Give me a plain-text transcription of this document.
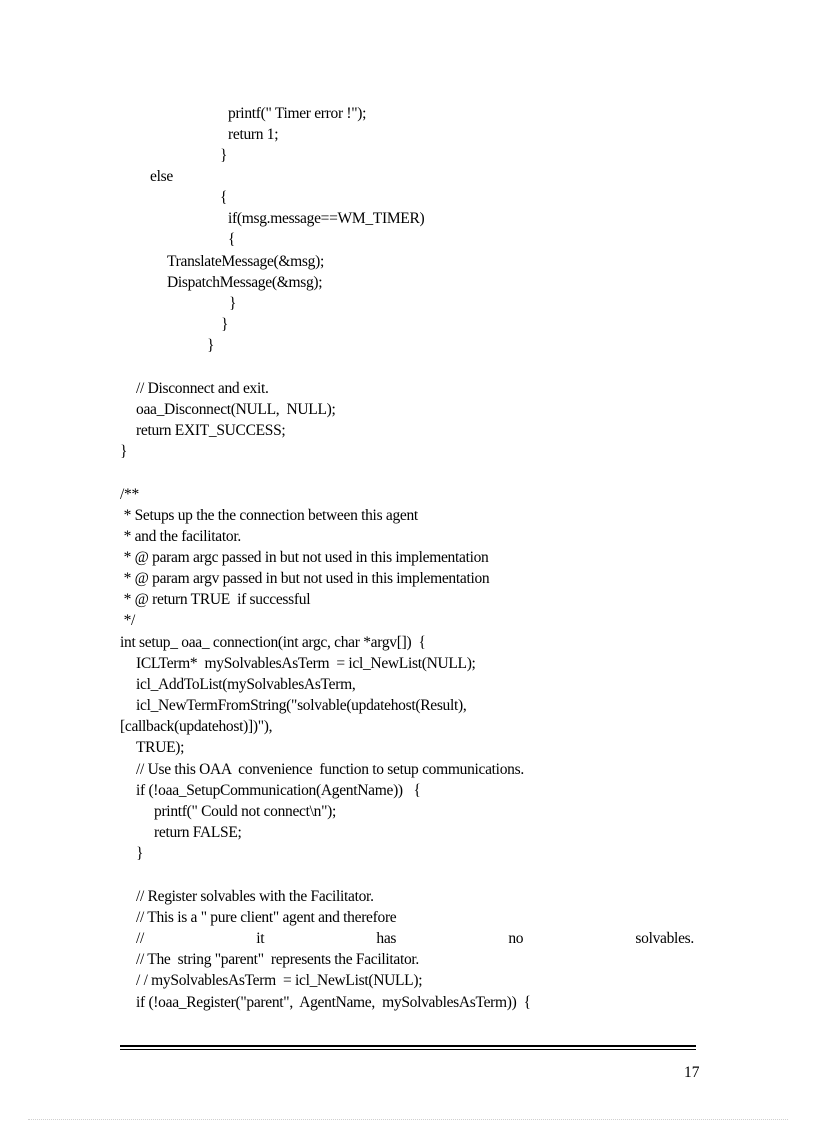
printf(" Timer error !");
return 1;
}
else
{
if(msg.message==WM_TIMER)
{
TranslateMessage(&msg);
DispatchMessage(&msg);
}
}
}
// Disconnect and exit.
oaa_Disconnect(NULL,  NULL);
return EXIT_SUCCESS;
}
/**
* Setups up the the connection between this agent
* and the facilitator.
* @ param argc passed in but not used in this implementation
* @ param argv passed in but not used in this implementation
* @ return TRUE  if successful
*/
int setup_ oaa_ connection(int argc, char *argv[])  {
ICLTerm*  mySolvablesAsTerm  = icl_NewList(NULL);
icl_AddToList(mySolvablesAsTerm,
icl_NewTermFromString("solvable(updatehost(Result),
[callback(updatehost)])"),
TRUE);
// Use this OAA  convenience  function to setup communications.
if (!oaa_SetupCommunication(AgentName))   {
printf(" Could not connect\n");
return FALSE;
}
// Register solvables with the Facilitator.
// This is a " pure client" agent and therefore
//	it	has	no	solvables.
// The  string "parent"  represents the Facilitator.
/ / mySolvablesAsTerm  = icl_NewList(NULL);
if (!oaa_Register("parent",  AgentName,  mySolvablesAsTerm))  {
17
